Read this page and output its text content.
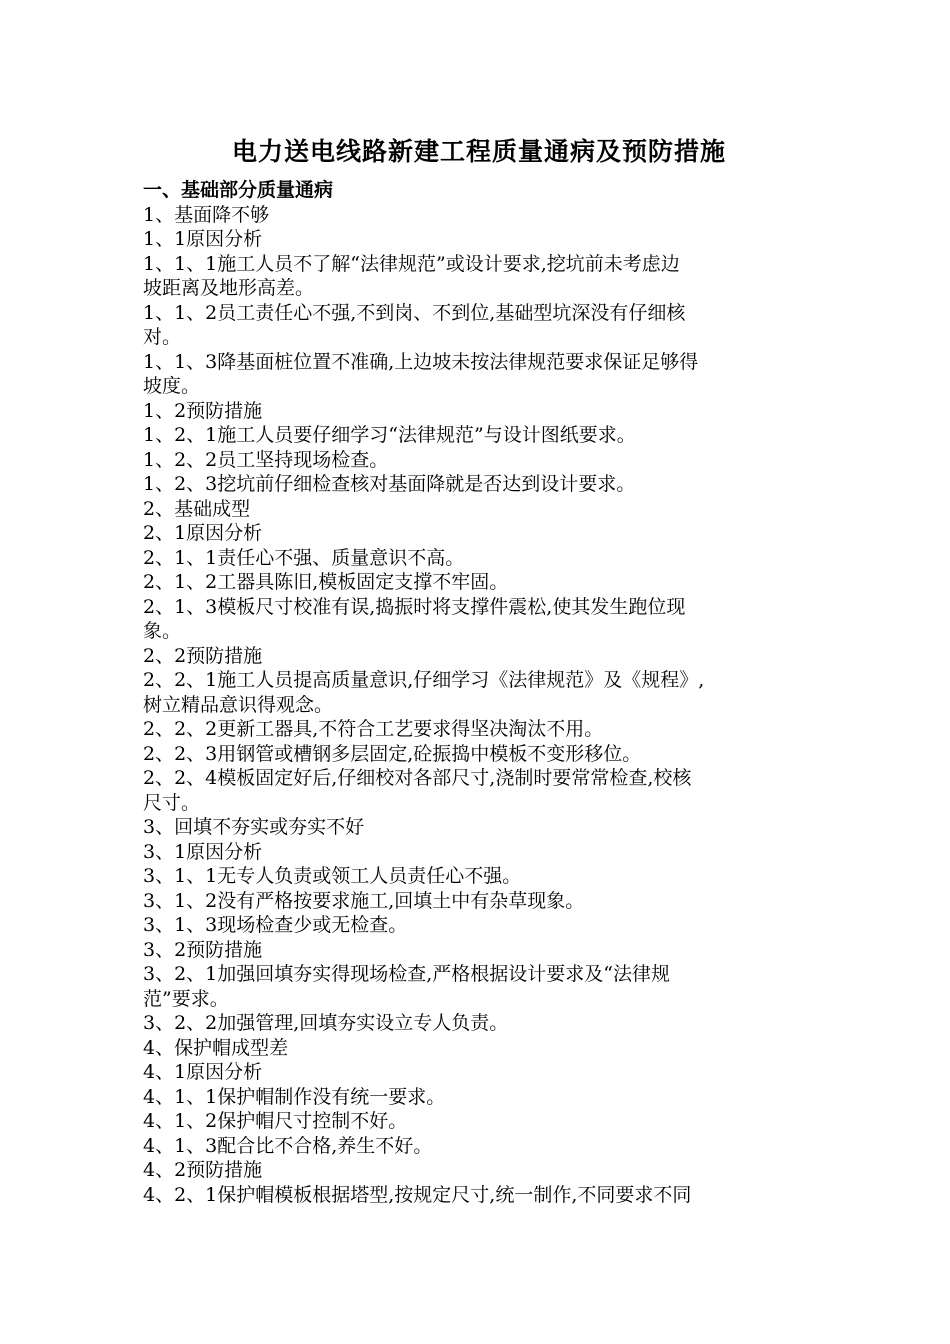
电力送电线路新建工程质量通病及预防措施
一、基础部分质量通病

1、基面降不够

1、1原因分析

1、1、1施工人员不了解“法律规范”或设计要求,挖坑前未考虑边

坡距离及地形高差。

1、1、2员工责任心不强,不到岗、不到位,基础型坑深没有仔细核

对。

1、1、3降基面桩位置不准确,上边坡未按法律规范要求保证足够得

坡度。

1、2预防措施

1、2、1施工人员要仔细学习“法律规范”与设计图纸要求。

1、2、2员工坚持现场检查。

1、2、3挖坑前仔细检查核对基面降就是否达到设计要求。

2、基础成型

2、1原因分析

2、1、1责任心不强、质量意识不高。

2、1、2工器具陈旧,模板固定支撑不牢固。

2、1、3模板尺寸校准有误,捣振时将支撑件震松,使其发生跑位现

象。

2、2预防措施

2、2、1施工人员提高质量意识,仔细学习《法律规范》及《规程》,

树立精品意识得观念。

2、2、2更新工器具,不符合工艺要求得坚决淘汰不用。

2、2、3用钢管或槽钢多层固定,砼振捣中模板不变形移位。

2、2、4模板固定好后,仔细校对各部尺寸,浇制时要常常检查,校核

尺寸。

3、回填不夯实或夯实不好

3、1原因分析

3、1、1无专人负责或领工人员责任心不强。

3、1、2没有严格按要求施工,回填土中有杂草现象。

3、1、3现场检查少或无检查。

3、2预防措施

3、2、1加强回填夯实得现场检查,严格根据设计要求及“法律规

范”要求。

3、2、2加强管理,回填夯实设立专人负责。

4、保护帽成型差

4、1原因分析

4、1、1保护帽制作没有统一要求。

4、1、2保护帽尺寸控制不好。

4、1、3配合比不合格,养生不好。

4、2预防措施

4、2、1保护帽模板根据塔型,按规定尺寸,统一制作,不同要求不同
